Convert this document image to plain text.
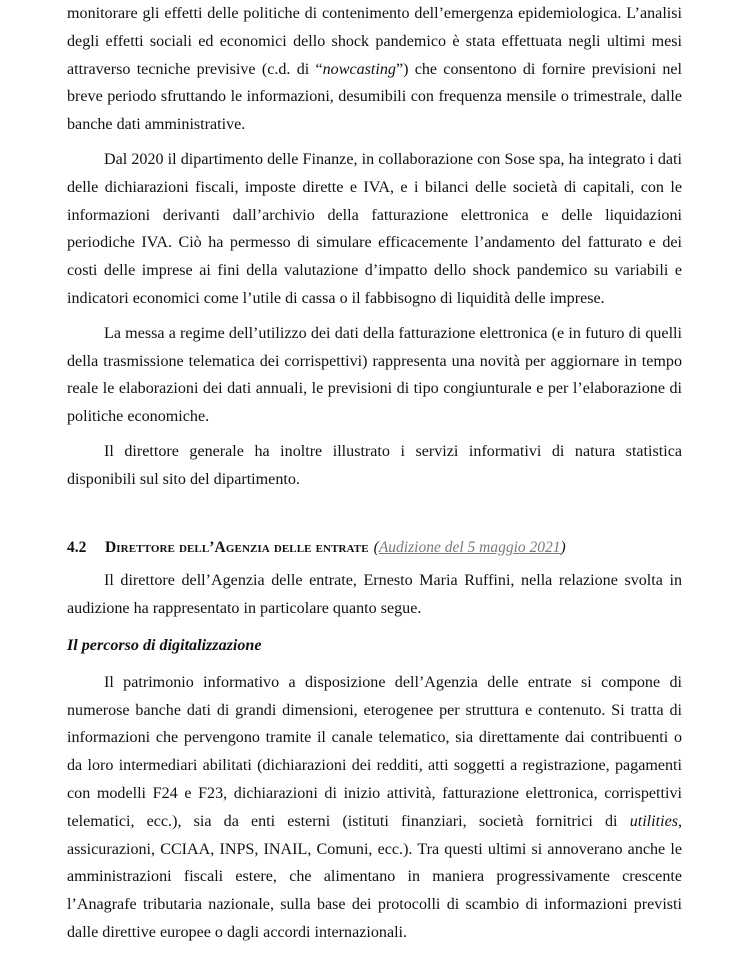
monitorare gli effetti delle politiche di contenimento dell’emergenza epidemiologica. L’analisi degli effetti sociali ed economici dello shock pandemico è stata effettuata negli ultimi mesi attraverso tecniche previsive (c.d. di “nowcasting”) che consentono di fornire previsioni nel breve periodo sfruttando le informazioni, desumibili con frequenza mensile o trimestrale, dalle banche dati amministrative.

Dal 2020 il dipartimento delle Finanze, in collaborazione con Sose spa, ha integrato i dati delle dichiarazioni fiscali, imposte dirette e IVA, e i bilanci delle società di capitali, con le informazioni derivanti dall’archivio della fatturazione elettronica e delle liquidazioni periodiche IVA. Ciò ha permesso di simulare efficacemente l’andamento del fatturato e dei costi delle imprese ai fini della valutazione d’impatto dello shock pandemico su variabili e indicatori economici come l’utile di cassa o il fabbisogno di liquidità delle imprese.

La messa a regime dell’utilizzo dei dati della fatturazione elettronica (e in futuro di quelli della trasmissione telematica dei corrispettivi) rappresenta una novità per aggiornare in tempo reale le elaborazioni dei dati annuali, le previsioni di tipo congiunturale e per l’elaborazione di politiche economiche.

Il direttore generale ha inoltre illustrato i servizi informativi di natura statistica disponibili sul sito del dipartimento.

4.2	Direttore dell’Agenzia delle entrate ( Audizione del 5 maggio 2021 )

Il direttore dell’Agenzia delle entrate, Ernesto Maria Ruffini, nella relazione svolta in audizione ha rappresentato in particolare quanto segue.

Il percorso di digitalizzazione

Il patrimonio informativo a disposizione dell’Agenzia delle entrate si compone di numerose banche dati di grandi dimensioni, eterogenee per struttura e contenuto. Si tratta di informazioni che pervengono tramite il canale telematico, sia direttamente dai contribuenti o da loro intermediari abilitati (dichiarazioni dei redditi, atti soggetti a registrazione, pagamenti con modelli F24 e F23, dichiarazioni di inizio attività, fatturazione elettronica, corrispettivi telematici, ecc.), sia da enti esterni (istituti finanziari, società fornitrici di utilities, assicurazioni, CCIAA, INPS, INAIL, Comuni, ecc.). Tra questi ultimi si annoverano anche le amministrazioni fiscali estere, che alimentano in maniera progressivamente crescente l’Anagrafe tributaria nazionale, sulla base dei protocolli di scambio di informazioni previsti dalle direttive europee o dagli accordi internazionali.
